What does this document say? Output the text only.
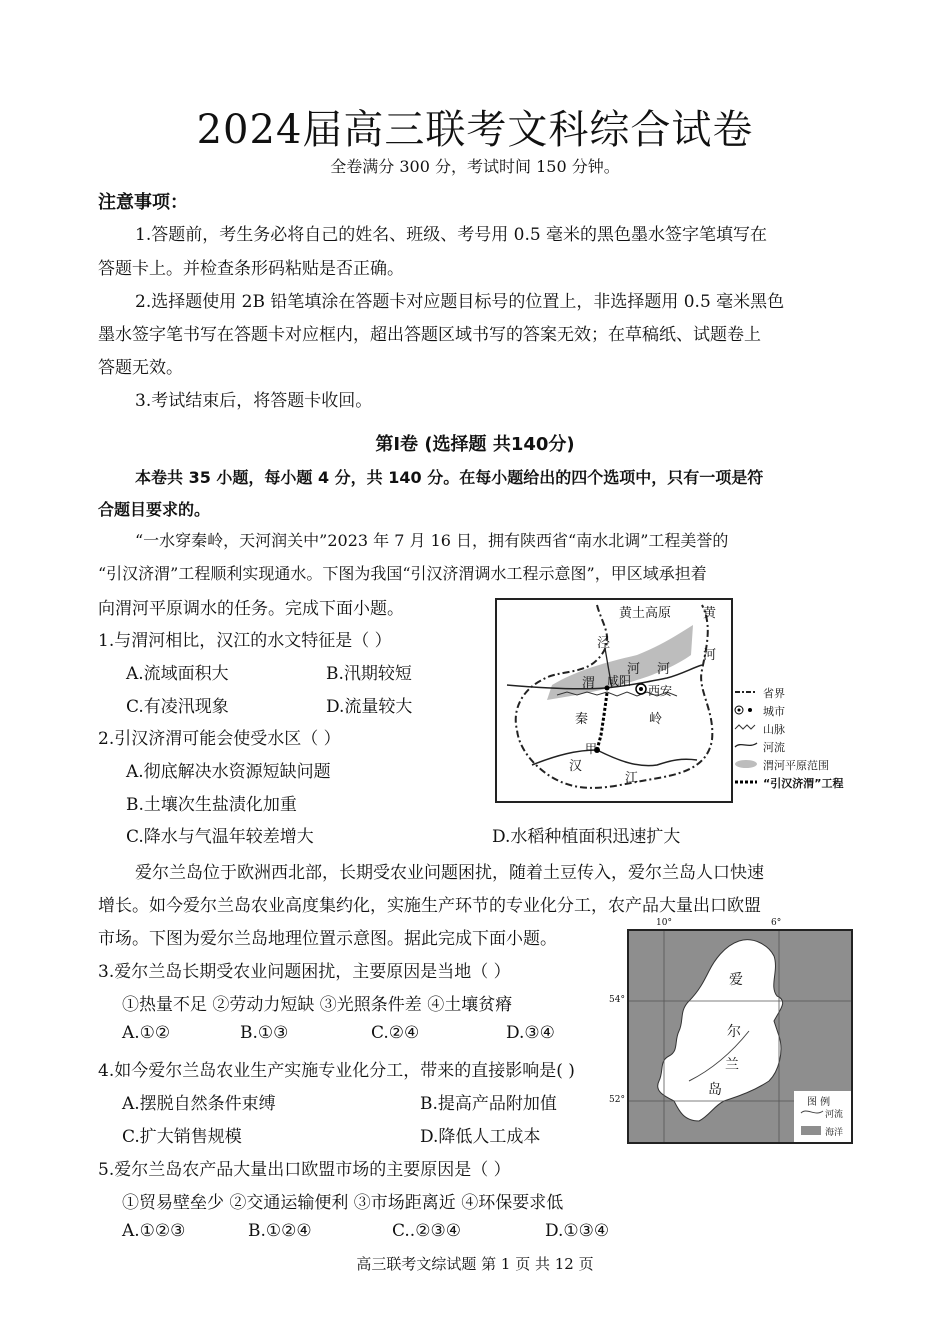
2024届高三联考文科综合试卷
全卷满分 300 分，考试时间 150 分钟。
注意事项：
1.答题前，考生务必将自己的姓名、班级、考号用 0.5 毫米的黑色墨水签字笔填写在
答题卡上。并检查条形码粘贴是否正确。
2.选择题使用 2B 铅笔填涂在答题卡对应题目标号的位置上，非选择题用 0.5 毫米黑色
墨水签字笔书写在答题卡对应框内，超出答题区域书写的答案无效；在草稿纸、试题卷上
答题无效。
3.考试结束后，将答题卡收回。
第Ⅰ卷 (选择题 共140分)
本卷共 35 小题，每小题 4 分，共 140 分。在每小题给出的四个选项中，只有一项是符
合题目要求的。
“一水穿秦岭，天河润关中”2023 年 7 月 16 日，拥有陕西省“南水北调”工程美誉的
“引汉济渭”工程顺利实现通水。下图为我国“引汉济渭调水工程示意图”，甲区域承担着
向渭河平原调水的任务。完成下面小题。
1.与渭河相比，汉江的水文特征是（ ）
A.流域面积大	B.汛期较短
C.有凌汛现象	D.流量较大
2.引汉济渭可能会使受水区（ ）
A.彻底解决水资源短缺问题
B.土壤次生盐渍化加重
C.降水与气温年较差增大	D.水稻种植面积迅速扩大
黄土高原 黄
河
泾
河 河
渭 咸阳
西安
秦	岭
甲
汉
江
省界
城市
山脉
河流
渭河平原范围
“引汉济渭”工程
爱尔兰岛位于欧洲西北部，长期受农业问题困扰，随着土豆传入，爱尔兰岛人口快速
增长。如今爱尔兰岛农业高度集约化，实施生产环节的专业化分工，农产品大量出口欧盟
市场。下图为爱尔兰岛地理位置示意图。据此完成下面小题。
3.爱尔兰岛长期受农业问题困扰，主要原因是当地（ ）
①热量不足 ②劳动力短缺 ③光照条件差 ④土壤贫瘠
A.①②	B.①③	C.②④	D.③④
4.如今爱尔兰岛农业生产实施专业化分工，带来的直接影响是( )
A.摆脱自然条件束缚	B.提高产品附加值
C.扩大销售规模	D.降低人工成本
5.爱尔兰岛农产品大量出口欧盟市场的主要原因是（ ）
①贸易壁垒少 ②交通运输便利 ③市场距离近 ④环保要求低
A.①②③	B.①②④	C..②③④	D.①③④
10°	6°
54°
52°
爱
尔
兰
岛
图 例
河流
海洋
高三联考文综试题 第 1 页 共 12 页
